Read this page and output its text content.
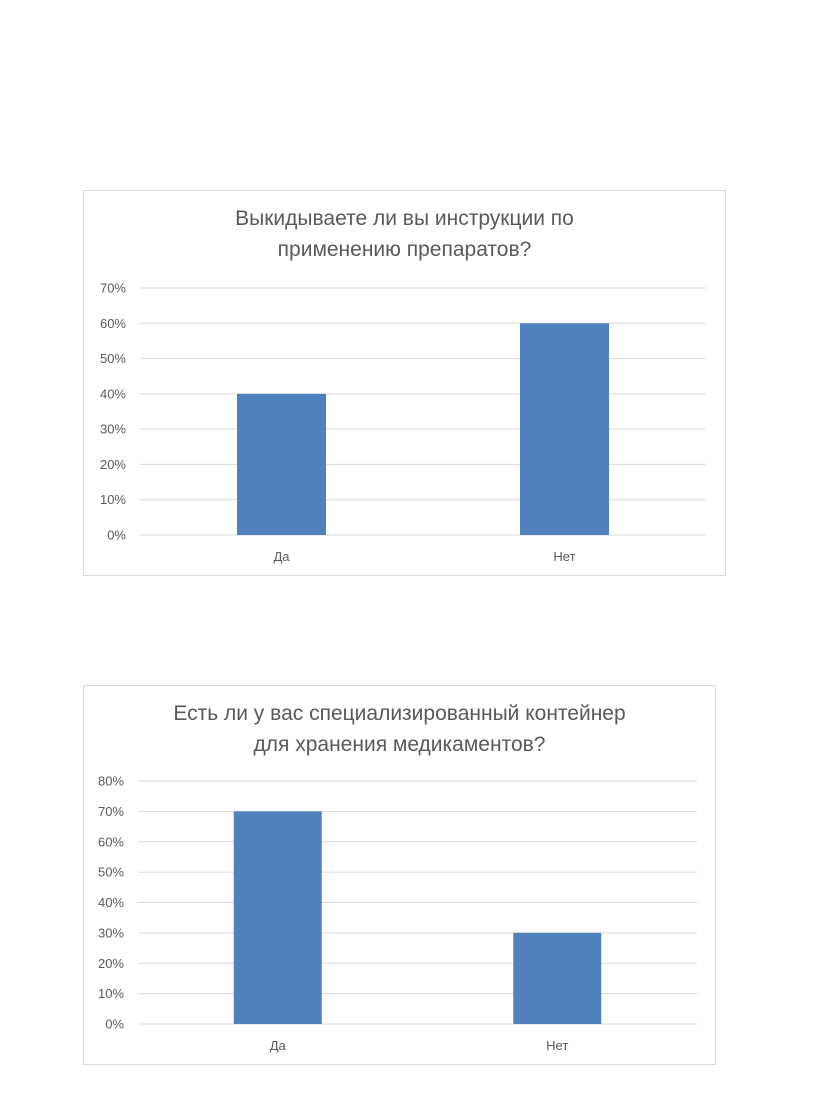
Выкидываете ли вы инструкции по
применению препаратов?
0%
10%
20%
30%
40%
50%
60%
70%
Да	Нет
Есть ли у вас специализированный контейнер
для хранения медикаментов?
0%
10%
20%
30%
40%
50%
60%
70%
80%
Да	Нет
